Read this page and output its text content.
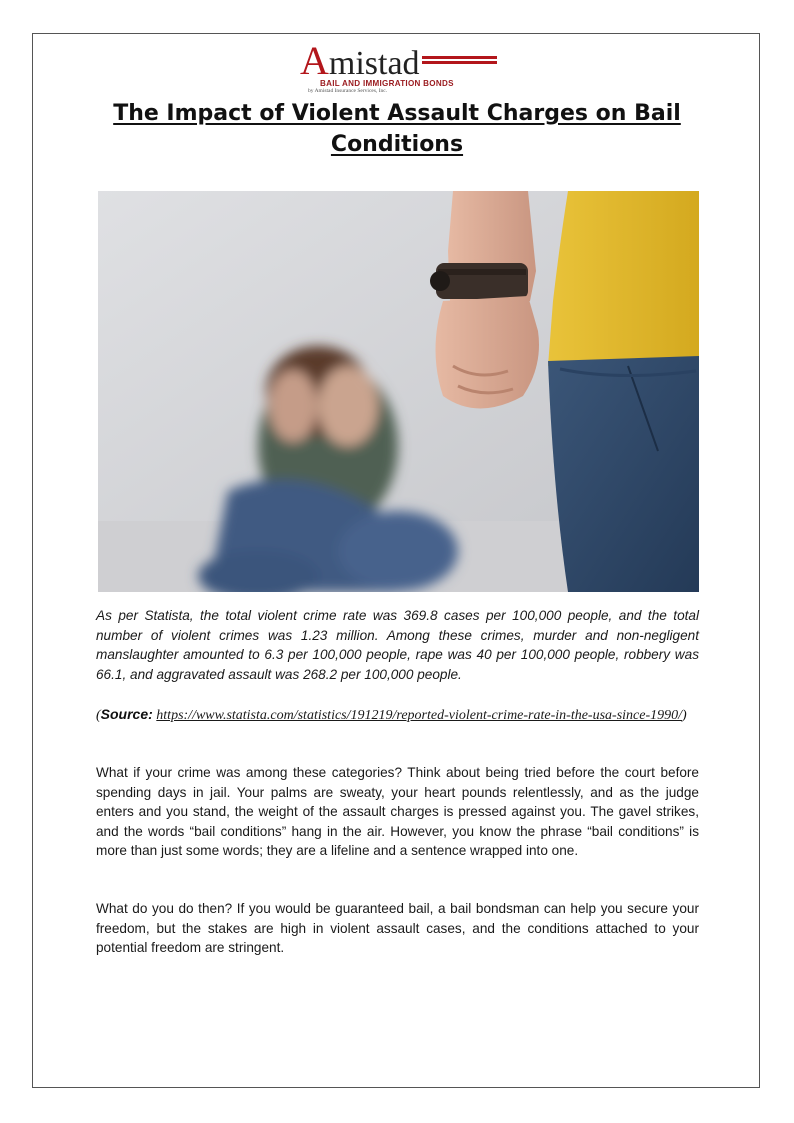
Amistad
BAIL AND IMMIGRATION BONDS
by Amistad Insurance Services, Inc.
The Impact of Violent Assault Charges on Bail Conditions
As per Statista, the total violent crime rate was 369.8 cases per 100,000 people, and the total number of violent crimes was 1.23 million. Among these crimes, murder and non-negligent manslaughter amounted to 6.3 per 100,000 people, rape was 40 per 100,000 people, robbery was 66.1, and aggravated assault was 268.2 per 100,000 people.
(Source: https://www.statista.com/statistics/191219/reported-violent-crime-rate-in-the-usa-since-1990/)
What if your crime was among these categories? Think about being tried before the court before spending days in jail. Your palms are sweaty, your heart pounds relentlessly, and as the judge enters and you stand, the weight of the assault charges is pressed against you. The gavel strikes, and the words “bail conditions” hang in the air. However, you know the phrase “bail conditions” is more than just some words; they are a lifeline and a sentence wrapped into one.
What do you do then? If you would be guaranteed bail, a bail bondsman can help you secure your freedom, but the stakes are high in violent assault cases, and the conditions attached to your potential freedom are stringent.
